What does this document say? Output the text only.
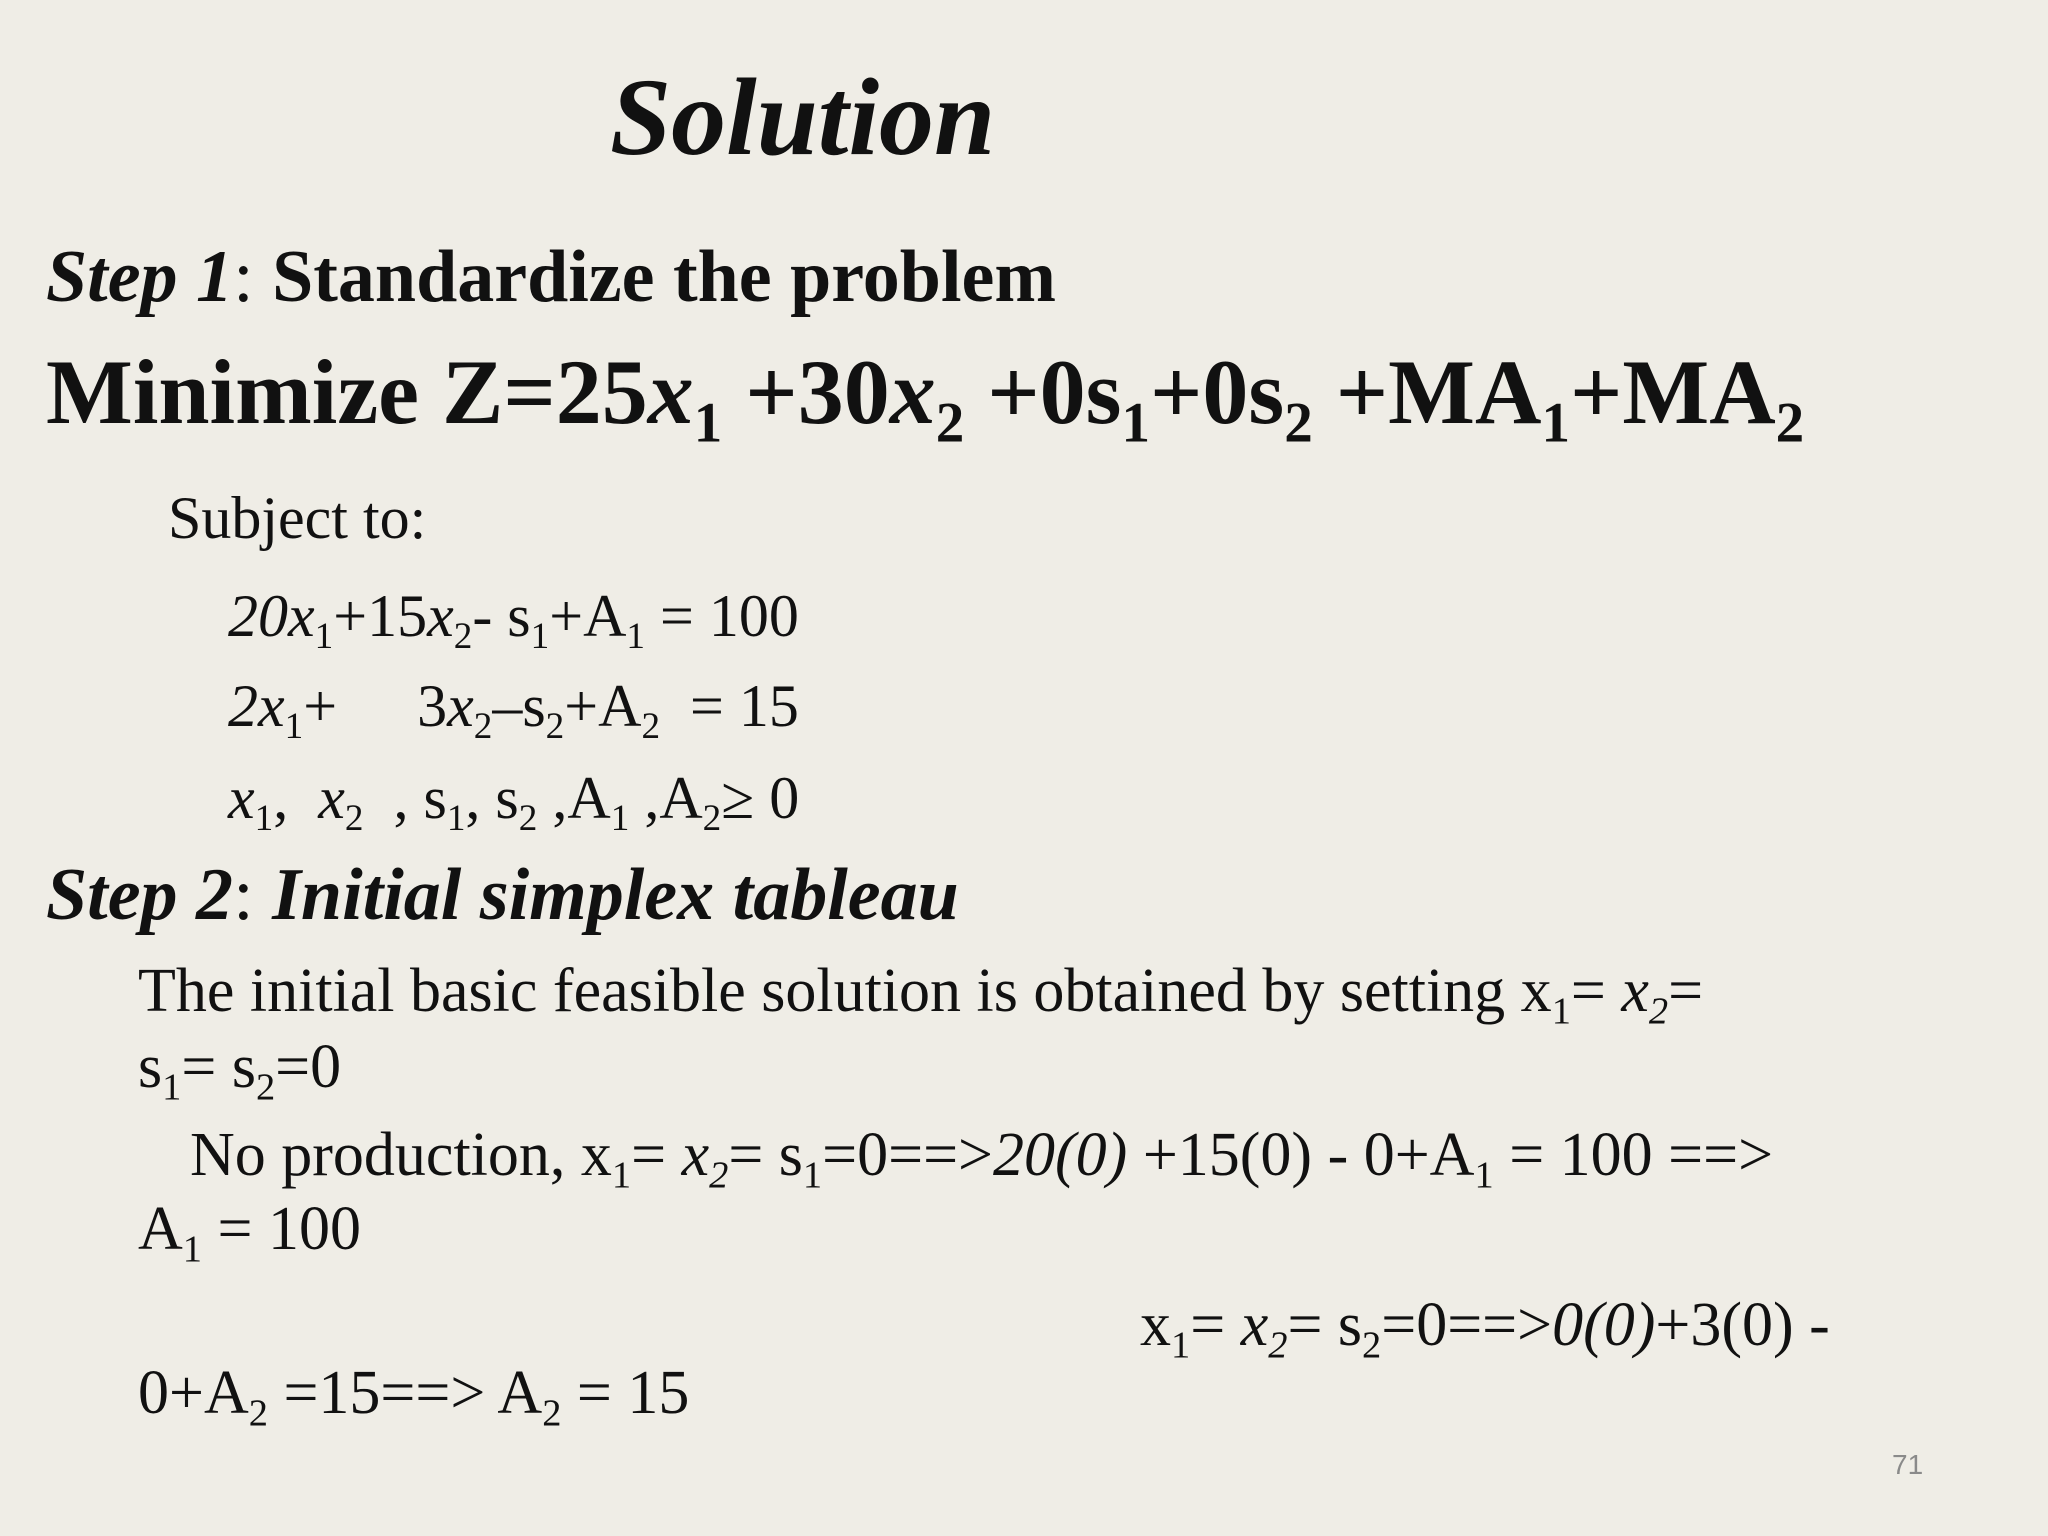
Solution
Step 1: Standardize the problem
Minimize $Z=25x_1 +30x_2 +0s_1+0s_2 +MA_1+MA_2$
Subject to:
$20x_1+15x_2-$ $s_1+A_1 = 100$
$2x_1+ 3x_2-s_2+A_2 = 15$
$x_1$,  $x_2$  , $s_1$, $s_2$ $,A_1$ $,A_2\ge 0$
Step 2: Initial simplex tableau
The initial basic feasible solution is obtained by setting $x_1= x_2=$
$s_1= s_2=0$
No production, $x_1= x_2= s_1=0==>20(0) +15(0) - 0+A_1 = 100$ ==>
$A_1 = 100$
$x_1= x_2= s_2=0==>0(0)+3(0)$ -
$0+A_2 =15==> A_2 = 15$
71
